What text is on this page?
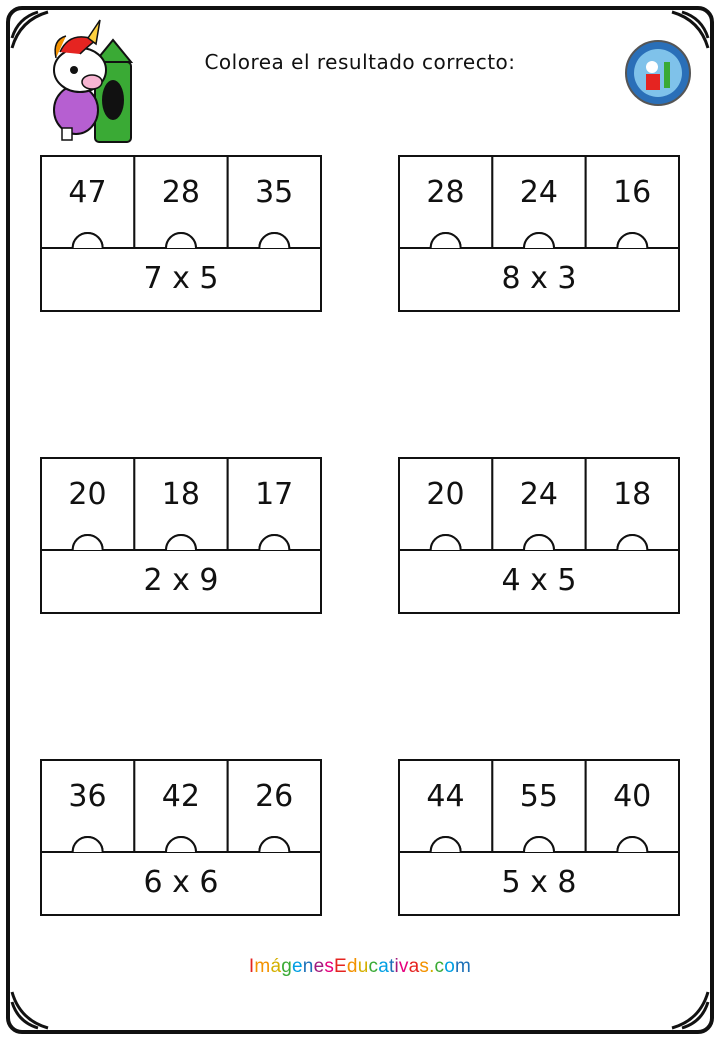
Colorea el resultado correcto:
47	28	35
7 x 5
28	24	16
8 x 3
20	18	17
2 x 9
20	24	18
4 x 5
36	42	26
6 x 6
44	55	40
5 x 8
ImágenesEducativas.com
